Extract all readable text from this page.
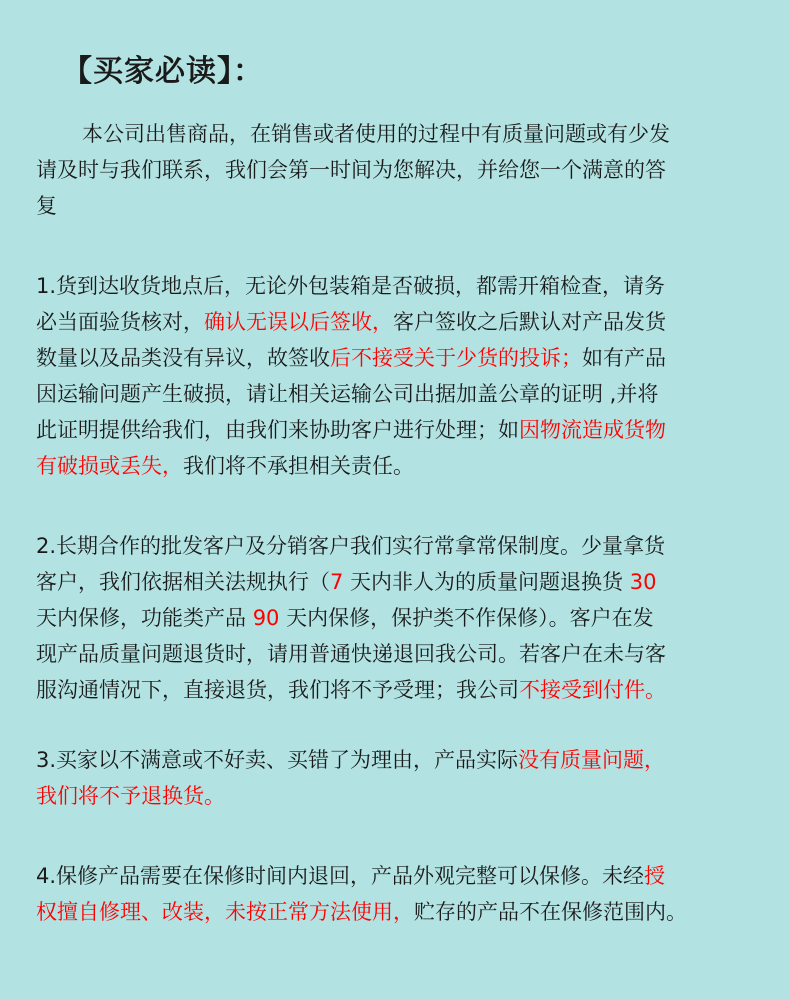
【买家必读】：
本公司出售商品，在销售或者使用的过程中有质量问题或有少发
请及时与我们联系，我们会第一时间为您解决，并给您一个满意的答
复
1.货到达收货地点后，无论外包装箱是否破损，都需开箱检查，请务
必当面验货核对，确认无误以后签收，客户签收之后默认对产品发货
数量以及品类没有异议，故签收后不接受关于少货的投诉；如有产品
因运输问题产生破损，请让相关运输公司出据加盖公章的证明 ,并将
此证明提供给我们，由我们来协助客户进行处理；如因物流造成货物
有破损或丢失，我们将不承担相关责任。
2.长期合作的批发客户及分销客户我们实行常拿常保制度。少量拿货
客户，我们依据相关法规执行（7 天内非人为的质量问题退换货 30
天内保修，功能类产品 90 天内保修，保护类不作保修）。客户在发
现产品质量问题退货时，请用普通快递退回我公司。若客户在未与客
服沟通情况下，直接退货，我们将不予受理；我公司不接受到付件。
3.买家以不满意或不好卖、买错了为理由，产品实际没有质量问题，
我们将不予退换货。
4.保修产品需要在保修时间内退回，产品外观完整可以保修。未经授
权擅自修理、改装，未按正常方法使用，贮存的产品不在保修范围内。
